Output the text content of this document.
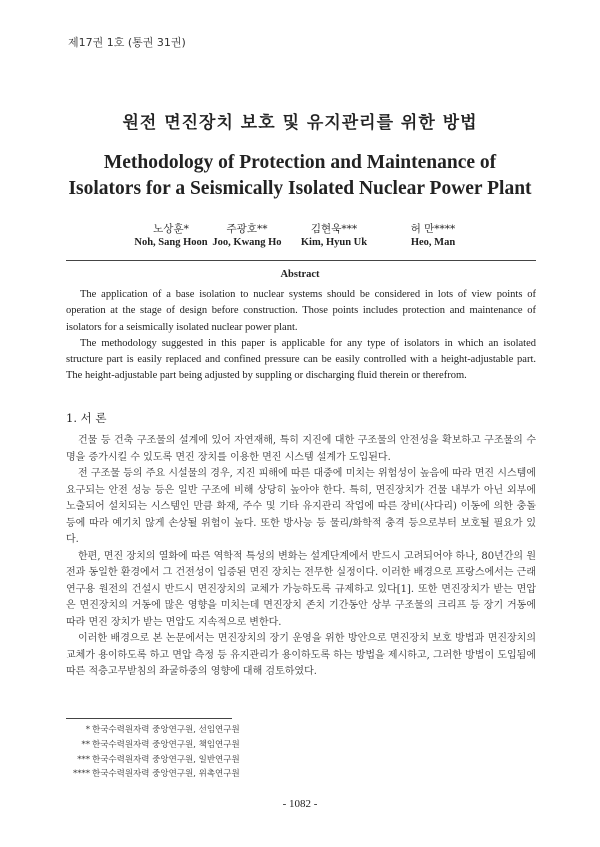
제17권 1호 (통권 31권)
원전 면진장치 보호 및 유지관리를 위한 방법
Methodology of Protection and Maintenance of
Isolators for a Seismically Isolated Nuclear Power Plant
노상훈*
Noh, Sang Hoon
주광호**
Joo, Kwang Ho
김현욱***
Kim, Hyun Uk
허 만****
Heo, Man
Abstract

The application of a base isolation to nuclear systems should be considered in lots of view points of operation at the stage of design before construction. Those points includes protection and maintenance of isolators for a seismically isolated nuclear power plant.

The methodology suggested in this paper is applicable for any type of isolators in which an isolated structure part is easily replaced and confined pressure can be easily controlled with a height-adjustable part. The height-adjustable part being adjusted by suppling or discharging fluid therein or therefrom.

1. 서 론

건물 등 건축 구조물의 설계에 있어 자연재해, 특히 지진에 대한 구조물의 안전성을 확보하고 구조물의 수명을 증가시킬 수 있도록 면진 장치를 이용한 면진 시스템 설계가 도입된다.

전 구조물 등의 주요 시설물의 경우, 지진 피해에 따른 대중에 미치는 위험성이 높음에 따라 면진 시스템에 요구되는 안전 성능 등은 일반 구조에 비해 상당히 높아야 한다. 특히, 면진장치가 건물 내부가 아닌 외부에 노출되어 설치되는 시스템인 만큼 화재, 주수 및 기타 유지관리 작업에 따른 장비(사다리) 이동에 의한 충돌 등에 따라 예기치 않게 손상될 위험이 높다. 또한 방사능 등 물리/화학적 충격 등으로부터 보호될 필요가 있다.

한편, 면진 장치의 열화에 따른 역학적 특성의 변화는 설계단계에서 반드시 고려되어야 하나, 80년간의 원전과 동일한 환경에서 그 건전성이 입증된 면진 장치는 전무한 실정이다. 이러한 배경으로 프랑스에서는 근래 연구용 원전의 건설시 반드시 면진장치의 교체가 가능하도록 규제하고 있다[1]. 또한 면진장치가 받는 면압은 면진장치의 거동에 많은 영향을 미치는데 면진장치 존치 기간동안 상부 구조물의 크리프 등 장기 거동에 따라 면진 장치가 받는 면압도 지속적으로 변한다.

이러한 배경으로 본 논문에서는 면진장치의 장기 운영을 위한 방안으로 면진장치 보호 방법과 면진장치의 교체가 용이하도록 하고 면압 측정 등 유지관리가 용이하도록 하는 방법을 제시하고, 그러한 방법이 도입됨에 따른 적층고무받침의 좌굴하중의 영향에 대해 검토하였다.

* 한국수력원자력 중앙연구원, 선임연구원
** 한국수력원자력 중앙연구원, 책임연구원
*** 한국수력원자력 중앙연구원, 일반연구원
**** 한국수력원자력 중앙연구원, 위촉연구원
- 1082 -
